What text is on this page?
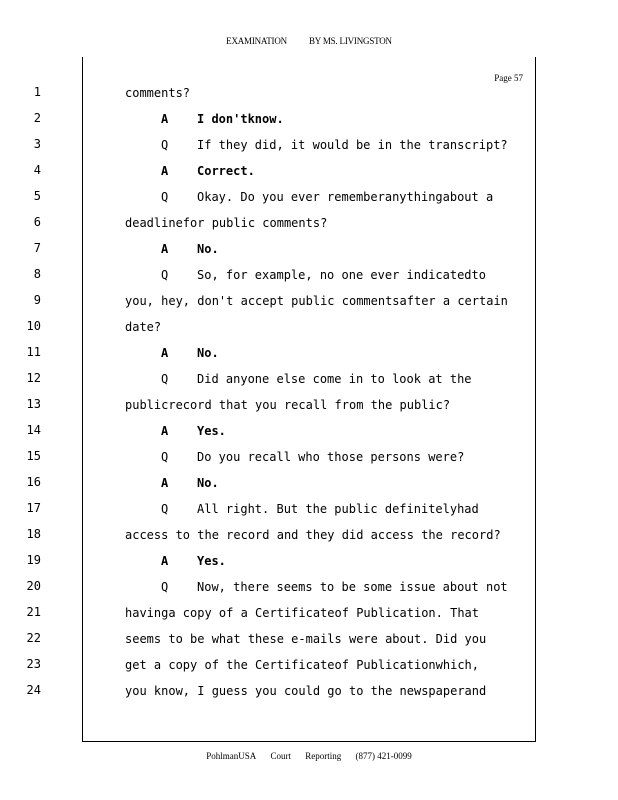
EXAMINATION BY MS. LIVINGSTON
Page 57
1	comments?
2	A I don'tknow.
3	Q If they did, it would be in the transcript?
4	A Correct.
5	Q Okay. Do you ever rememberanythingabout a
6	deadlinefor public comments?
7	A No.
8	Q So, for example, no one ever indicatedto
9	you, hey, don't accept public commentsafter a certain
10	date?
11	A No.
12	Q Did anyone else come in to look at the
13	publicrecord that you recall from the public?
14	A Yes.
15	Q Do you recall who those persons were?
16	A No.
17	Q All right. But the public definitelyhad
18	access to the record and they did access the record?
19	A Yes.
20	Q Now, there seems to be some issue about not
21	havinga copy of a Certificateof Publication. That
22	seems to be what these e-mails were about. Did you
23	get a copy of the Certificateof Publicationwhich,
24	you know, I guess you could go to the newspaperand
PohlmanUSA Court Reporting (877) 421-0099
